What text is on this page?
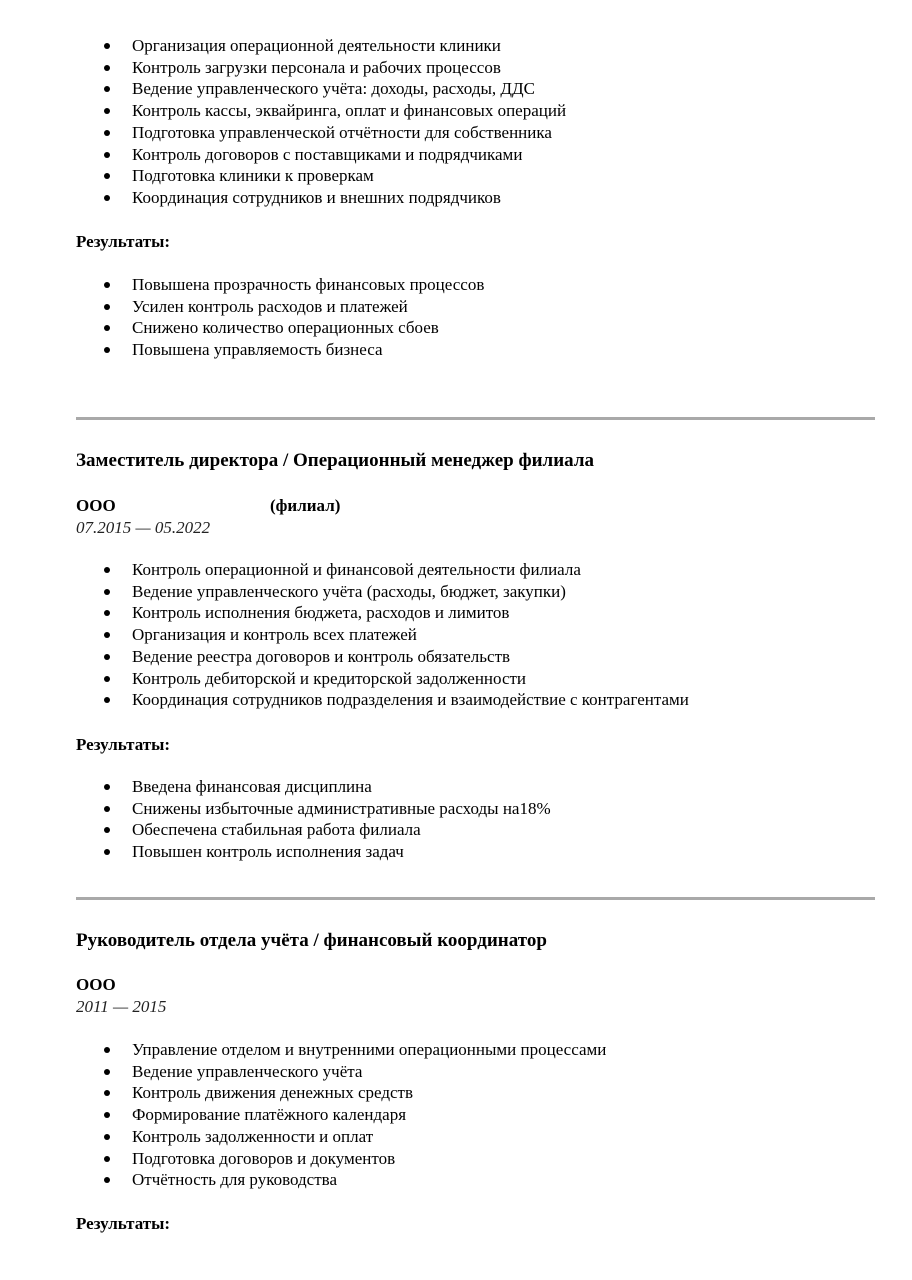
Организация операционной деятельности клиники
Контроль загрузки персонала и рабочих процессов
Ведение управленческого учёта: доходы, расходы, ДДС
Контроль кассы, эквайринга, оплат и финансовых операций
Подготовка управленческой отчётности для собственника
Контроль договоров с поставщиками и подрядчиками
Подготовка клиники к проверкам
Координация сотрудников и внешних подрядчиков
Результаты:
Повышена прозрачность финансовых процессов
Усилен контроль расходов и платежей
Снижено количество операционных сбоев
Повышена управляемость бизнеса
Заместитель директора / Операционный менеджер филиала
ООО	(филиал)
07.2015 — 05.2022
Контроль операционной и финансовой деятельности филиала
Ведение управленческого учёта (расходы, бюджет, закупки)
Контроль исполнения бюджета, расходов и лимитов
Организация и контроль всех платежей
Ведение реестра договоров и контроль обязательств
Контроль дебиторской и кредиторской задолженности
Координация сотрудников подразделения и взаимодействие с контрагентами
Результаты:
Введена финансовая дисциплина
Снижены избыточные административные расходы на18%
Обеспечена стабильная работа филиала
Повышен контроль исполнения задач
Руководитель отдела учёта / финансовый координатор
ООО
2011 — 2015
Управление отделом и внутренними операционными процессами
Ведение управленческого учёта
Контроль движения денежных средств
Формирование платёжного календаря
Контроль задолженности и оплат
Подготовка договоров и документов
Отчётность для руководства
Результаты:
